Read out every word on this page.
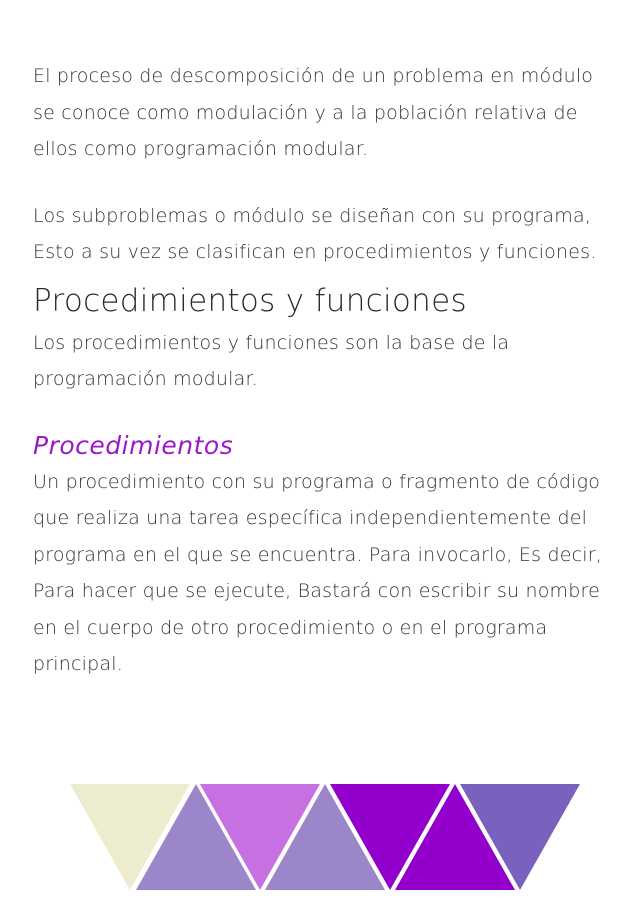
El proceso de descomposición de un problema en módulo se conoce como modulación y a la población relativa de ellos como programación modular.

Los subproblemas o módulo se diseñan con su programa, Esto a su vez se clasifican en procedimientos y funciones.

Procedimientos y funciones

Los procedimientos y funciones son la base de la programación modular.

Procedimientos

Un procedimiento con su programa o fragmento de código que realiza una tarea específica independientemente del programa en el que se encuentra. Para invocarlo, Es decir, Para hacer que se ejecute, Bastará con escribir su nombre en el cuerpo de otro procedimiento o en el programa principal.
